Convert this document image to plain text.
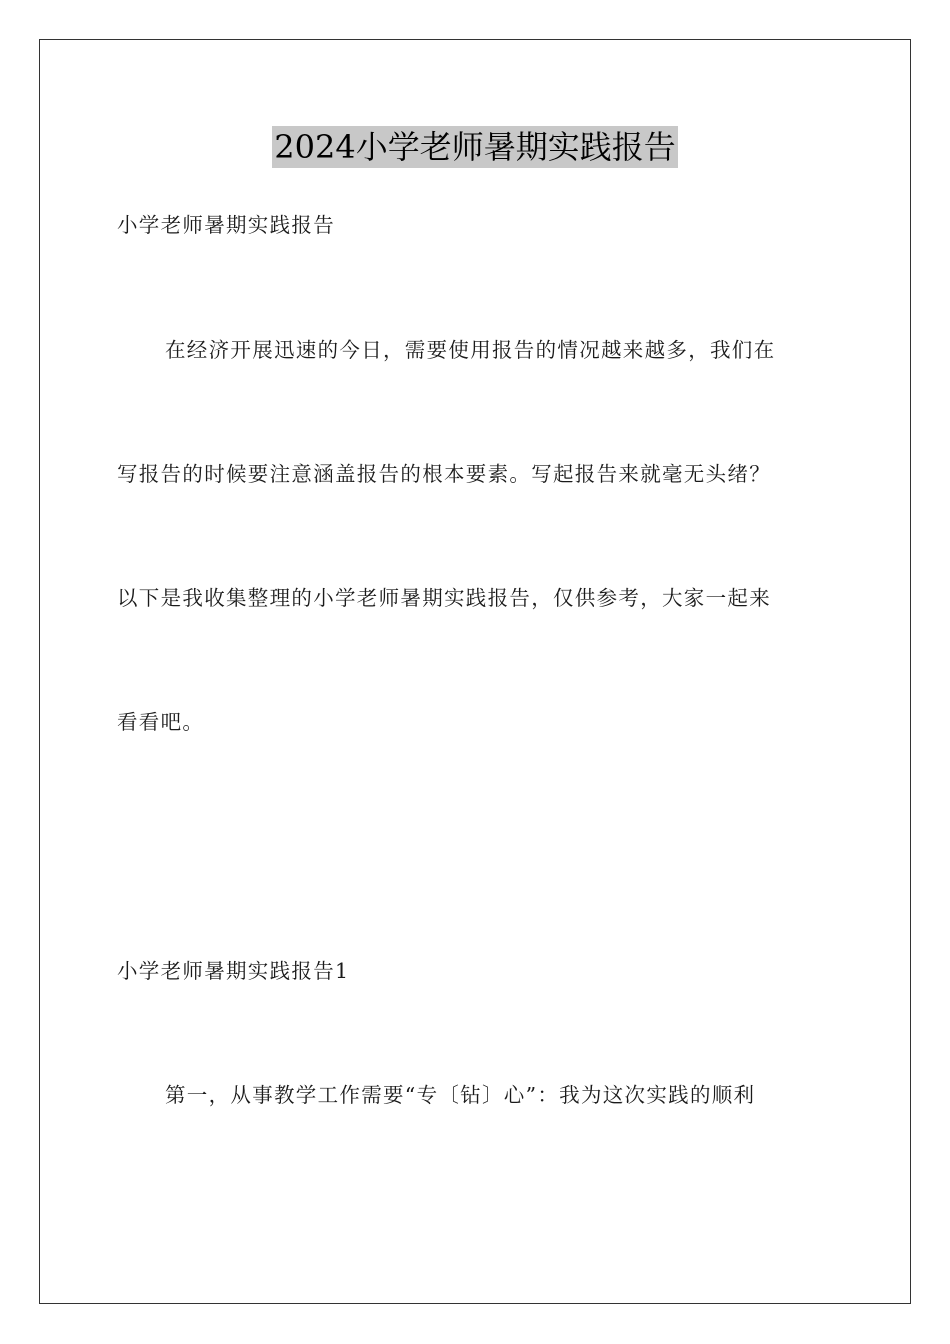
2024小学老师暑期实践报告
小学老师暑期实践报告
在经济开展迅速的今日，需要使用报告的情况越来越多，我们在
写报告的时候要注意涵盖报告的根本要素。写起报告来就毫无头绪？
以下是我收集整理的小学老师暑期实践报告，仅供参考，大家一起来
看看吧。
小学老师暑期实践报告1
第一，从事教学工作需要“专〔钻〕心”：我为这次实践的顺利
